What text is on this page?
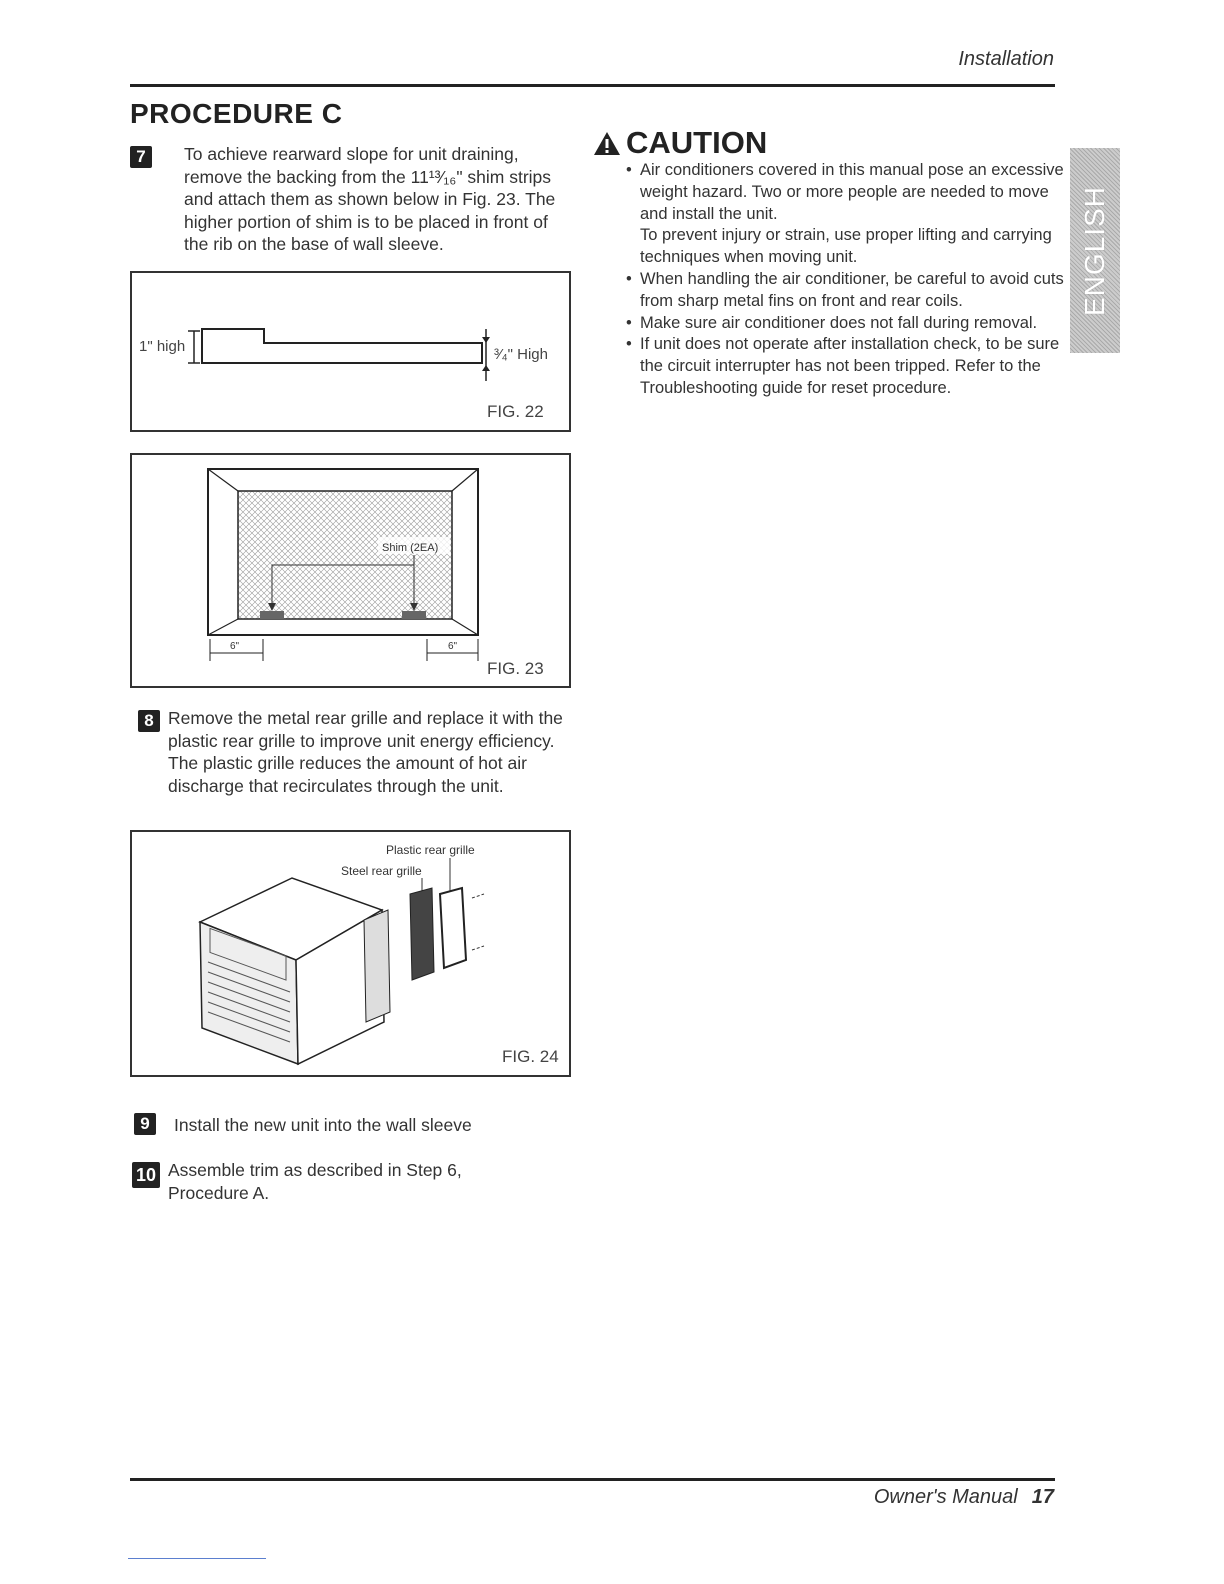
Installation
PROCEDURE C
7	To achieve rearward slope for unit draining, remove the backing from the 11¹³⁄₁₆" shim strips and attach them as shown below in Fig. 23. The higher portion of shim is to be placed in front of the rib on the base of wall sleeve.
1" high	³⁄₄" High
FIG. 22
Shim (2EA)
6"	6"
FIG. 23
8 Remove the metal rear grille and replace it with the plastic rear grille to improve unit energy efficiency. The plastic grille reduces the amount of hot air discharge that recirculates through the unit.
Plastic rear grille
Steel rear grille
FIG. 24
9	Install the new unit into the wall sleeve
10 Assemble trim as described in Step 6, Procedure A.
CAUTION
• Air conditioners covered in this manual pose an excessive weight hazard. Two or more people are needed to move and install the unit.
To prevent injury or strain, use proper lifting and carrying techniques when moving unit.
• When handling the air conditioner, be careful to avoid cuts from sharp metal fins on front and rear coils.
• Make sure air conditioner does not fall during removal.
• If unit does not operate after installation check, to be sure the circuit interrupter has not been tripped. Refer to the Troubleshooting guide for reset procedure.
ENGLISH
Owner's Manual 17
